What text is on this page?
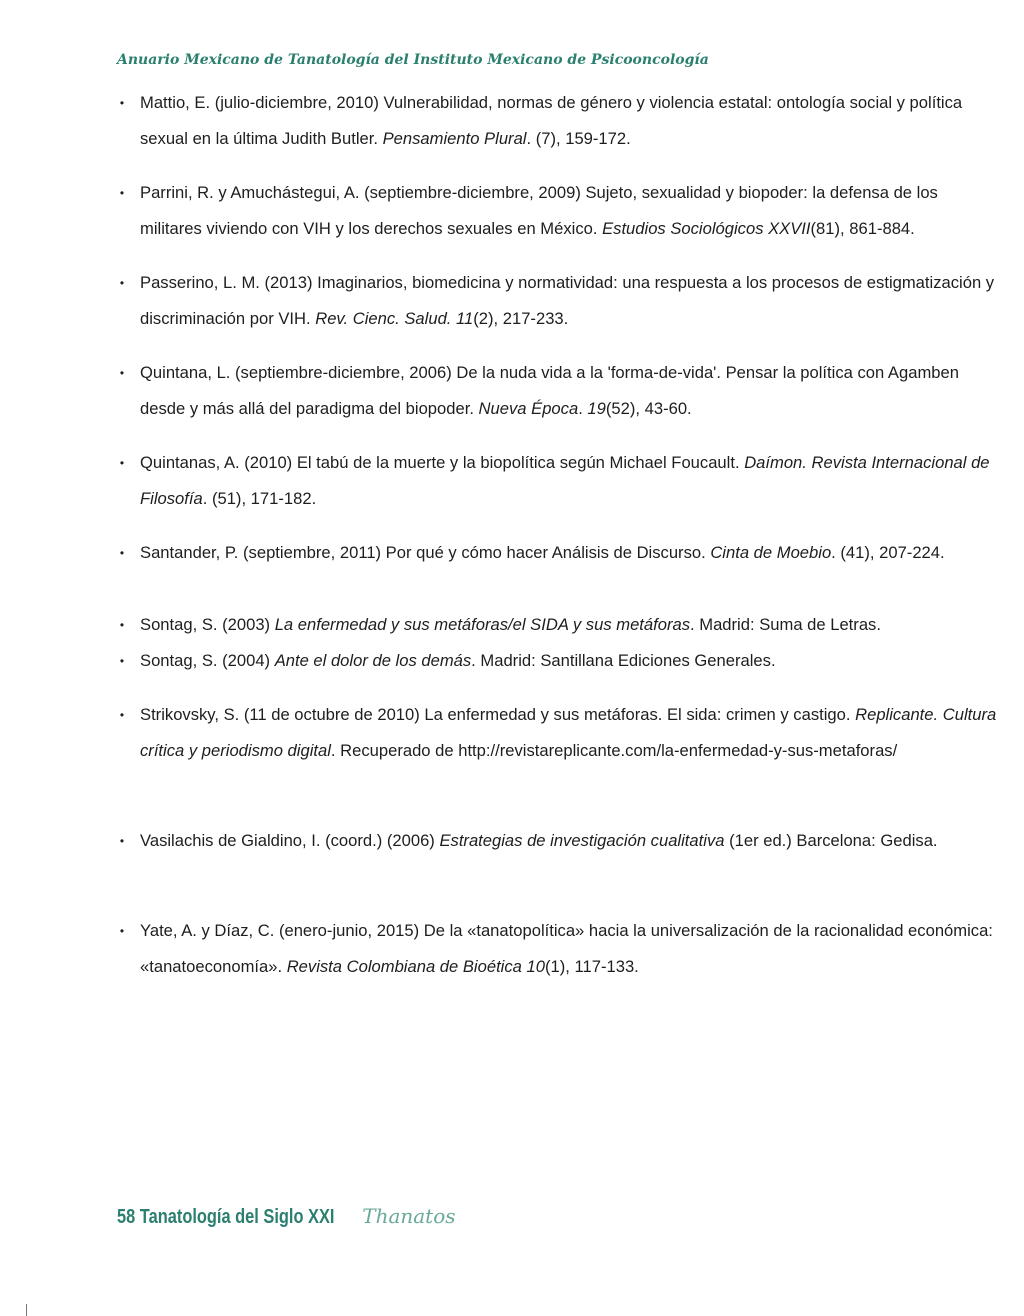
Anuario Mexicano de Tanatología del Instituto Mexicano de Psicooncología
• Mattio, E. (julio-diciembre, 2010) Vulnerabilidad, normas de género y violencia estatal: ontología social y política sexual en la última Judith Butler. Pensamiento Plural. (7), 159-172.
• Parrini, R. y Amuchástegui, A. (septiembre-diciembre, 2009) Sujeto, sexualidad y biopoder: la defensa de los militares viviendo con VIH y los derechos sexuales en México. Estudios Sociológicos XXVII(81), 861-884.
• Passerino, L. M. (2013) Imaginarios, biomedicina y normatividad: una respuesta a los procesos de estigmatización y discriminación por VIH. Rev. Cienc. Salud. 11(2), 217-233.
• Quintana, L. (septiembre-diciembre, 2006) De la nuda vida a la 'forma-de-vida'. Pensar la política con Agamben desde y más allá del paradigma del biopoder. Nueva Época. 19(52), 43-60.
• Quintanas, A. (2010) El tabú de la muerte y la biopolítica según Michael Foucault. Daímon. Revista Internacional de Filosofía. (51), 171-182.
• Santander, P. (septiembre, 2011) Por qué y cómo hacer Análisis de Discurso. Cinta de Moebio. (41), 207-224.
• Sontag, S. (2003) La enfermedad y sus metáforas/el SIDA y sus metáforas. Madrid: Suma de Letras.
• Sontag, S. (2004) Ante el dolor de los demás. Madrid: Santillana Ediciones Generales.
• Strikovsky, S. (11 de octubre de 2010) La enfermedad y sus metáforas. El sida: crimen y castigo. Replicante. Cultura crítica y periodismo digital. Recuperado de http://revistareplicante.com/la-enfermedad-y-sus-metaforas/
• Vasilachis de Gialdino, I. (coord.) (2006) Estrategias de investigación cualitativa (1er ed.) Barcelona: Gedisa.
• Yate, A. y Díaz, C. (enero-junio, 2015) De la «tanatopolítica» hacia la universalización de la racionalidad económica: «tanatoeconomía». Revista Colombiana de Bioética 10(1), 117-133.
58 Tanatología del Siglo XXI Thanatos
